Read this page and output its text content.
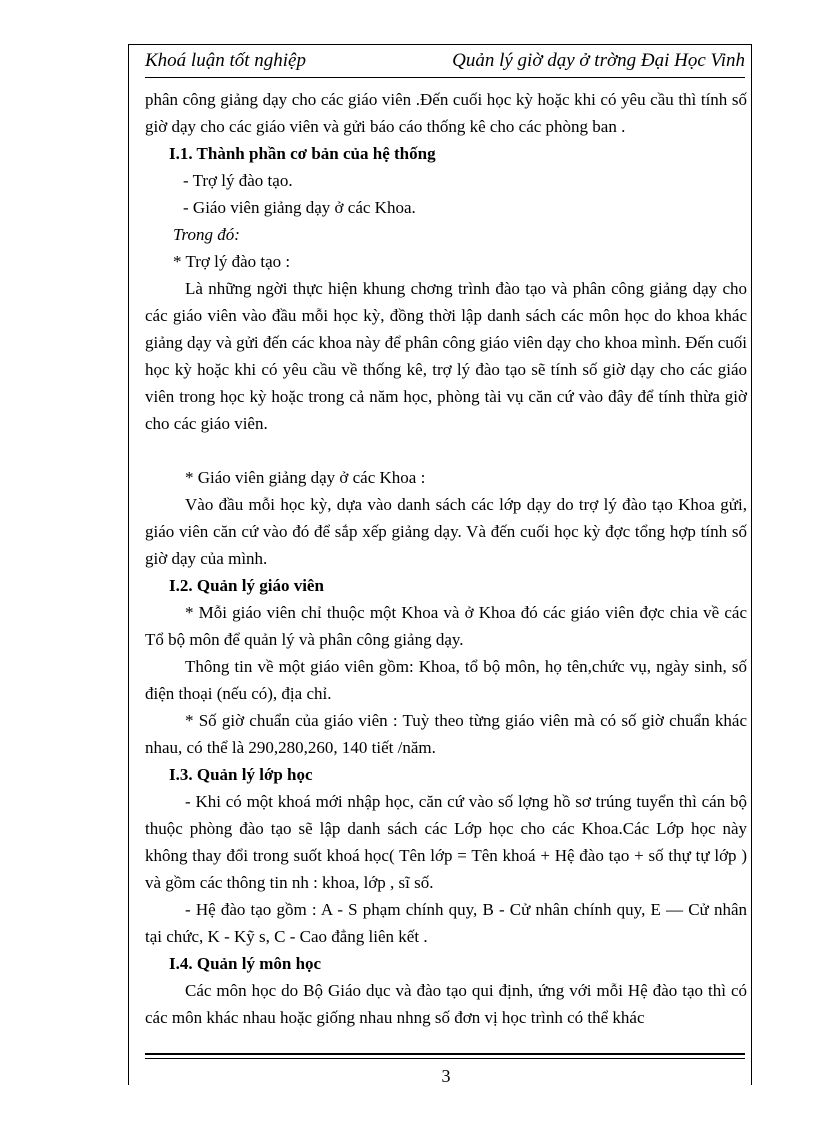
Khoá luận tốt nghiệp	Quản lý giờ dạy ở trờng Đại Học Vinh

phân công giảng dạy cho các giáo viên .Đến cuối học kỳ hoặc khi có yêu cầu thì tính số giờ dạy cho các giáo viên và gửi báo cáo thống kê cho các phòng ban .

I.1. Thành phần cơ bản của hệ thống

- Trợ lý đào tạo.

- Giáo viên giảng dạy ở các Khoa.

Trong đó:

* Trợ lý đào tạo :

Là những ngời thực hiện khung chơng trình đào tạo và phân công giảng dạy cho các giáo viên vào đầu mỗi học kỳ, đồng thời lập danh sách các môn học do khoa khác giảng dạy và gửi đến các khoa này để phân công giáo viên dạy cho khoa mình. Đến cuối học kỳ hoặc khi có yêu cầu về thống kê, trợ lý đào tạo sẽ tính số giờ dạy cho các giáo viên trong học kỳ hoặc trong cả năm học, phòng tài vụ căn cứ vào đây để tính thừa giờ cho các giáo viên.

* Giáo viên giảng dạy ở các Khoa :

Vào đầu mỗi học kỳ, dựa vào danh sách các lớp dạy do trợ lý đào tạo Khoa gửi, giáo viên căn cứ vào đó để sắp xếp giảng dạy. Và đến cuối học kỳ đợc tổng hợp tính số giờ dạy của mình.

I.2. Quản lý giáo viên

* Mỗi giáo viên chỉ thuộc một Khoa và ở Khoa đó các giáo viên đợc chia về các Tổ bộ môn để quản lý và phân công giảng dạy.

Thông tin về một giáo viên gồm: Khoa, tổ bộ môn, họ tên,chức vụ, ngày sinh, số điện thoại (nếu có), địa chỉ.

* Số giờ chuẩn của giáo viên : Tuỳ theo từng giáo viên mà có số giờ chuẩn khác nhau, có thể là 290,280,260, 140 tiết /năm.

I.3. Quản lý lớp học

- Khi có một khoá mới nhập học, căn cứ vào số lợng hồ sơ trúng tuyển thì cán bộ thuộc phòng đào tạo sẽ lập danh sách các Lớp học cho các Khoa.Các Lớp học này không thay đổi trong suốt khoá học( Tên lớp = Tên khoá + Hệ đào tạo + số thự tự lớp ) và gồm các thông tin nh : khoa, lớp , sĩ số.

- Hệ đào tạo gồm : A - S phạm chính quy, B - Cử nhân chính quy, E — Cử nhân tại chức, K - Kỹ s, C - Cao đẳng liên kết .

I.4. Quản lý môn học

Các môn học do Bộ Giáo dục và đào tạo qui định, ứng với mỗi Hệ đào tạo thì có các môn khác nhau hoặc giống nhau nhng số đơn vị học trình có thể khác

3
